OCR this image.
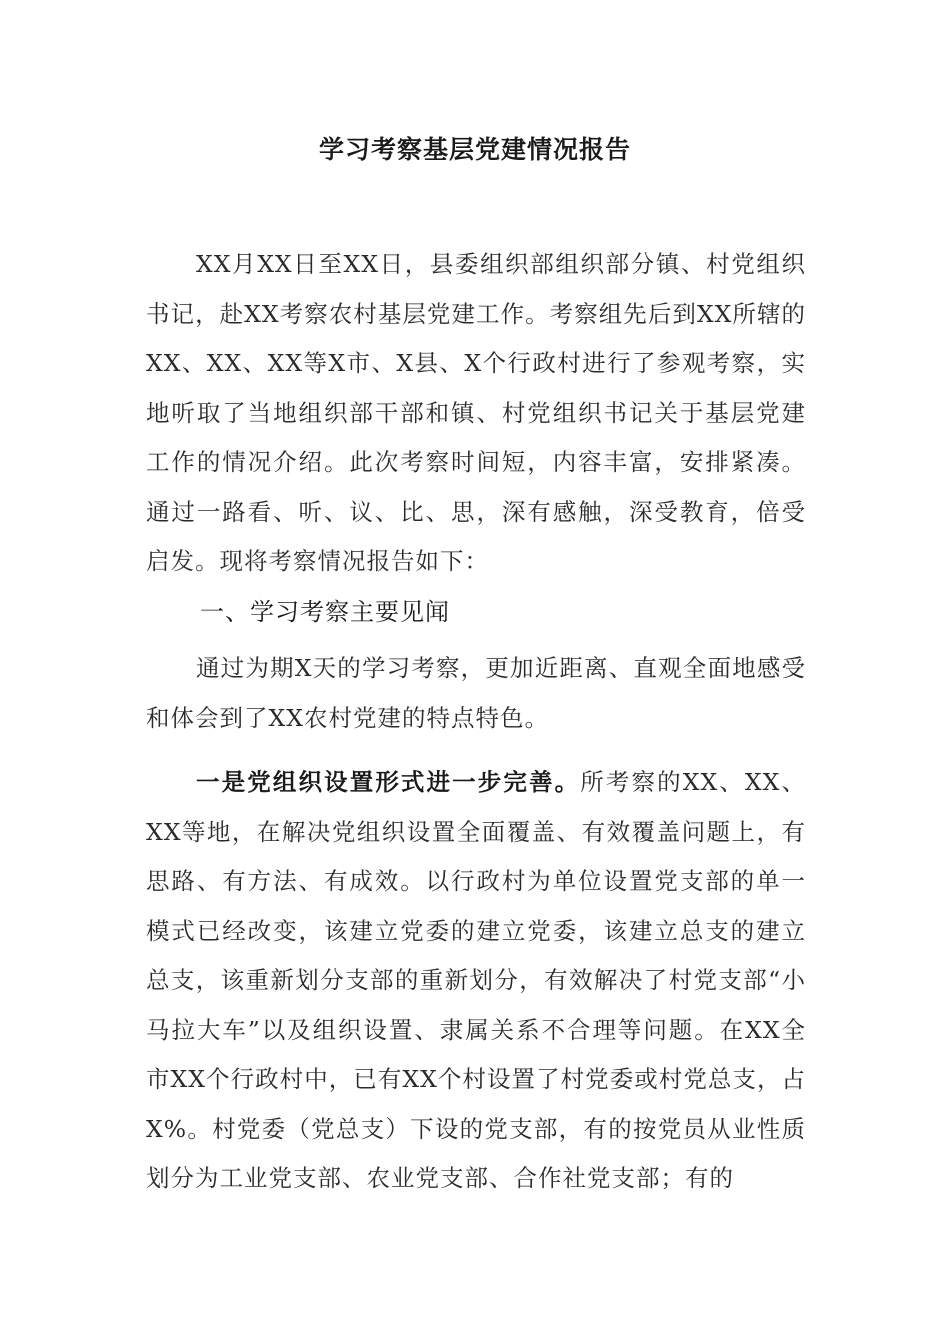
学习考察基层党建情况报告

XX月XX日至XX日，县委组织部组织部分镇、村党组织书记，赴XX考察农村基层党建工作。考察组先后到XX所辖的XX、XX、XX等X市、X县、X个行政村进行了参观考察，实地听取了当地组织部干部和镇、村党组织书记关于基层党建工作的情况介绍。此次考察时间短，内容丰富，安排紧凑。通过一路看、听、议、比、思，深有感触，深受教育，倍受启发。现将考察情况报告如下：

一、学习考察主要见闻

通过为期X天的学习考察，更加近距离、直观全面地感受和体会到了XX农村党建的特点特色。

一是党组织设置形式进一步完善。所考察的XX、XX、XX等地，在解决党组织设置全面覆盖、有效覆盖问题上，有思路、有方法、有成效。以行政村为单位设置党支部的单一模式已经改变，该建立党委的建立党委，该建立总支的建立总支，该重新划分支部的重新划分，有效解决了村党支部“小马拉大车”以及组织设置、隶属关系不合理等问题。在XX全市XX个行政村中，已有XX个村设置了村党委或村党总支，占X%。村党委（党总支）下设的党支部，有的按党员从业性质划分为工业党支部、农业党支部、合作社党支部；有的
